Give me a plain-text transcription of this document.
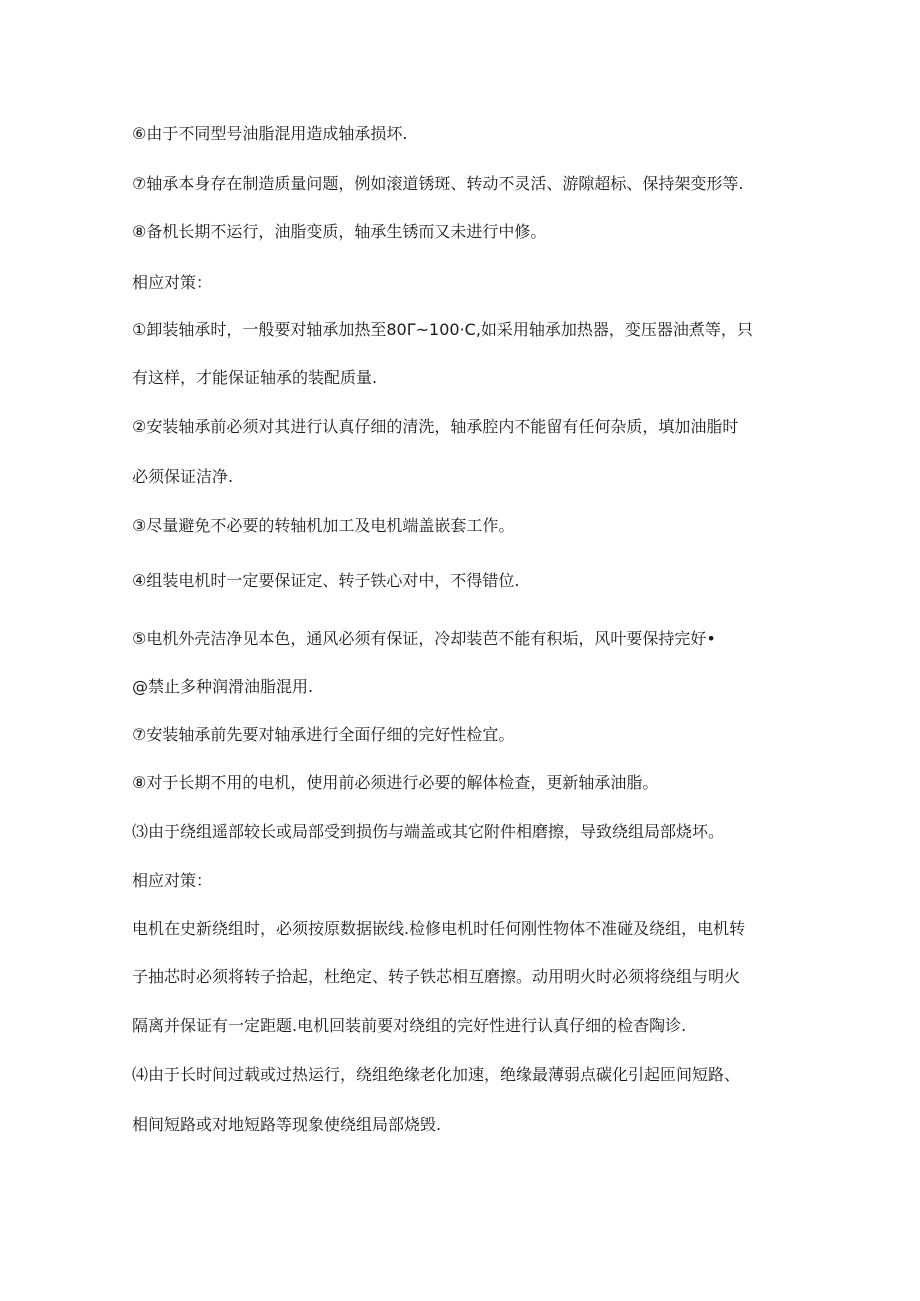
⑥由于不同型号油脂混用造成轴承损坏.
⑦轴承本身存在制造质量问题，例如滚道锈斑、转动不灵活、游隙超标、保持架变形等.
⑧备机长期不运行，油脂变质，轴承生锈而又未进行中修。
相应对策：
①卸装轴承时，一般要对轴承加热至80Γ~100·C,如采用轴承加热器，变压器油煮等，只
有这样，才能保证轴承的装配质量.
②安装轴承前必须对其进行认真仔细的清洗，轴承腔内不能留有任何杂质，填加油脂时
必须保证洁净.
③尽量避免不必要的转轴机加工及电机端盖嵌套工作。
④组装电机时一定要保证定、转子铁心对中，不得错位.
⑤电机外壳洁净见本色，通风必须有保证，冷却装芭不能有积垢，风叶要保持完好•
@禁止多种润滑油脂混用.
⑦安装轴承前先要对轴承进行全面仔细的完好性检宜。
⑧对于长期不用的电机，使用前必须进行必要的解体检查，更新轴承油脂。
⑶由于绕组遥部较长或局部受到损伤与端盖或其它附件相磨擦，导致绕组局部烧坏。
相应对策：
电机在史新绕组时，必须按原数据嵌线.检修电机时任何刚性物体不准碰及绕组，电机转
子抽芯时必须将转子拾起，杜绝定、转子铁芯相互磨擦。动用明火时必须将绕组与明火
隔离并保证有一定距题.电机回装前要对绕组的完好性进行认真仔细的检杳陶诊.
⑷由于长时间过载或过热运行，绕组绝缘老化加速，绝缘最薄弱点碳化引起匝间短路、
相间短路或对地短路等现象使绕组局部烧毁.
